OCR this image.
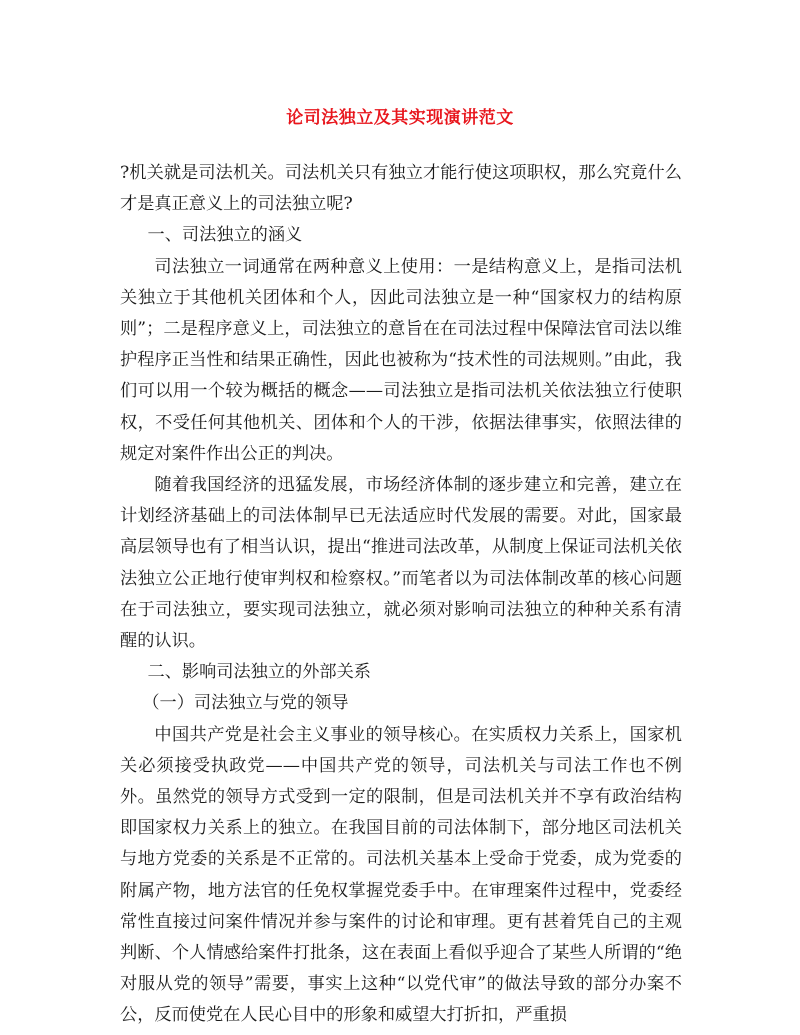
论司法独立及其实现演讲范文

?机关就是司法机关。司法机关只有独立才能行使这项职权，那么究竟什么才是真正意义上的司法独立呢?

一、司法独立的涵义

司法独立一词通常在两种意义上使用：一是结构意义上，是指司法机关独立于其他机关团体和个人，因此司法独立是一种“国家权力的结构原则”；二是程序意义上，司法独立的意旨在在司法过程中保障法官司法以维护程序正当性和结果正确性，因此也被称为“技术性的司法规则。”由此，我们可以用一个较为概括的概念——司法独立是指司法机关依法独立行使职权，不受任何其他机关、团体和个人的干涉，依据法律事实，依照法律的规定对案件作出公正的判决。

随着我国经济的迅猛发展，市场经济体制的逐步建立和完善，建立在计划经济基础上的司法体制早已无法适应时代发展的需要。对此，国家最高层领导也有了相当认识，提出“推进司法改革，从制度上保证司法机关依法独立公正地行使审判权和检察权。”而笔者以为司法体制改革的核心问题在于司法独立，要实现司法独立，就必须对影响司法独立的种种关系有清醒的认识。

二、影响司法独立的外部关系

（一）司法独立与党的领导

中国共产党是社会主义事业的领导核心。在实质权力关系上，国家机关必须接受执政党——中国共产党的领导，司法机关与司法工作也不例外。虽然党的领导方式受到一定的限制，但是司法机关并不享有政治结构即国家权力关系上的独立。在我国目前的司法体制下，部分地区司法机关与地方党委的关系是不正常的。司法机关基本上受命于党委，成为党委的附属产物，地方法官的任免权掌握党委手中。在审理案件过程中，党委经常性直接过问案件情况并参与案件的讨论和审理。更有甚着凭自己的主观判断、个人情感给案件打批条，这在表面上看似乎迎合了某些人所谓的“绝对服从党的领导”需要，事实上这种“以党代审”的做法导致的部分办案不公，反而使党在人民心目中的形象和威望大打折扣，严重损
